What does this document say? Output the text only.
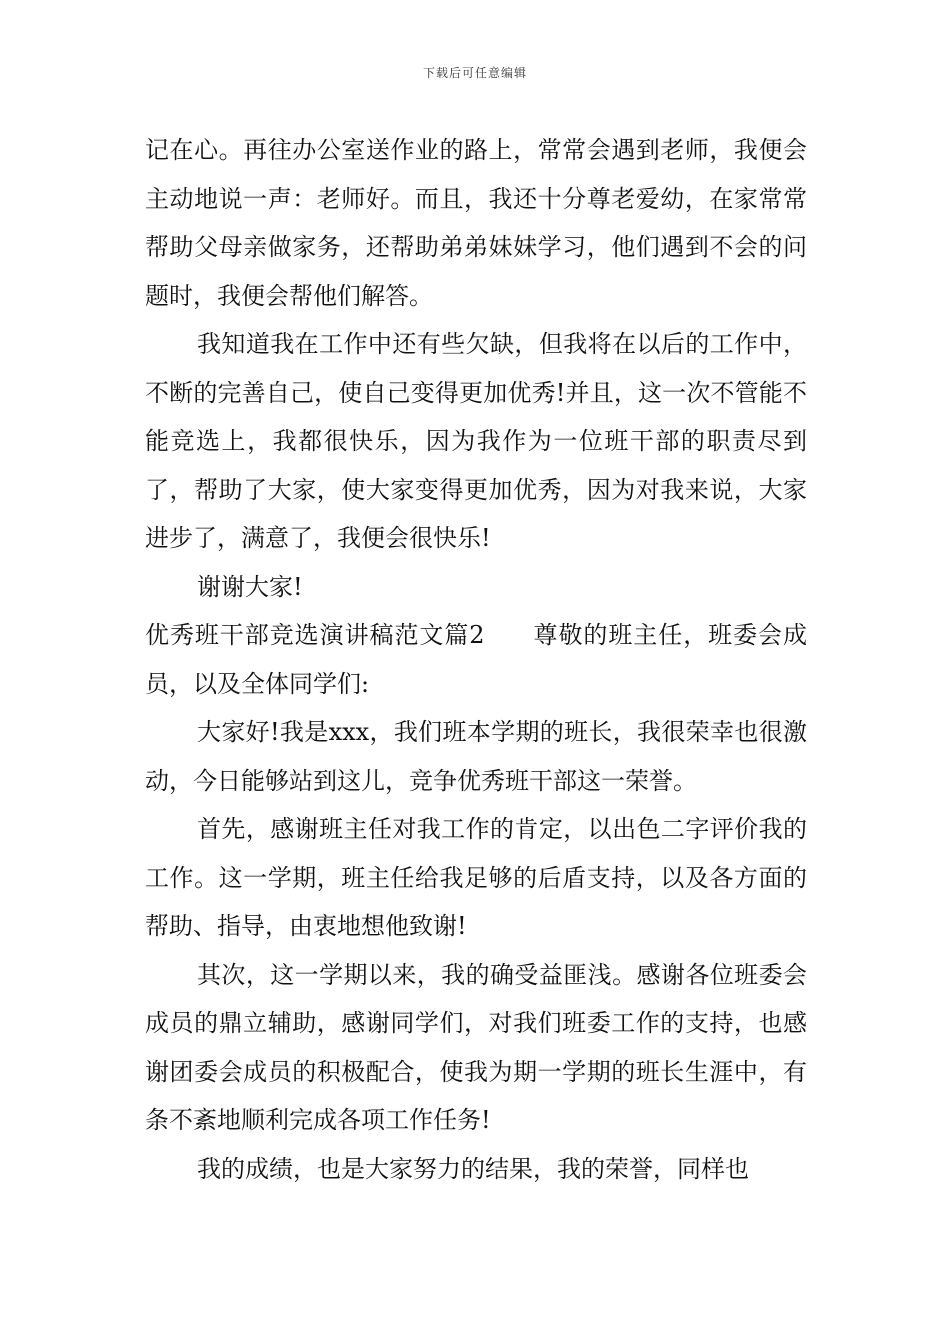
下载后可任意编辑

记在心。再往办公室送作业的路上，常常会遇到老师，我便会主动地说一声：老师好。而且，我还十分尊老爱幼，在家常常帮助父母亲做家务，还帮助弟弟妹妹学习，他们遇到不会的问题时，我便会帮他们解答。

我知道我在工作中还有些欠缺，但我将在以后的工作中，不断的完善自己，使自己变得更加优秀!并且，这一次不管能不能竞选上，我都很快乐，因为我作为一位班干部的职责尽到了，帮助了大家，使大家变得更加优秀，因为对我来说，大家进步了，满意了，我便会很快乐!

谢谢大家!

优秀班干部竞选演讲稿范文篇2 尊敬的班主任，班委会成员，以及全体同学们:

大家好!我是xxx，我们班本学期的班长，我很荣幸也很激动，今日能够站到这儿，竞争优秀班干部这一荣誉。

首先，感谢班主任对我工作的肯定，以出色二字评价我的工作。这一学期，班主任给我足够的后盾支持，以及各方面的帮助、指导，由衷地想他致谢!

其次，这一学期以来，我的确受益匪浅。感谢各位班委会成员的鼎立辅助，感谢同学们，对我们班委工作的支持，也感谢团委会成员的积极配合，使我为期一学期的班长生涯中，有条不紊地顺利完成各项工作任务!

我的成绩，也是大家努力的结果，我的荣誉，同样也
